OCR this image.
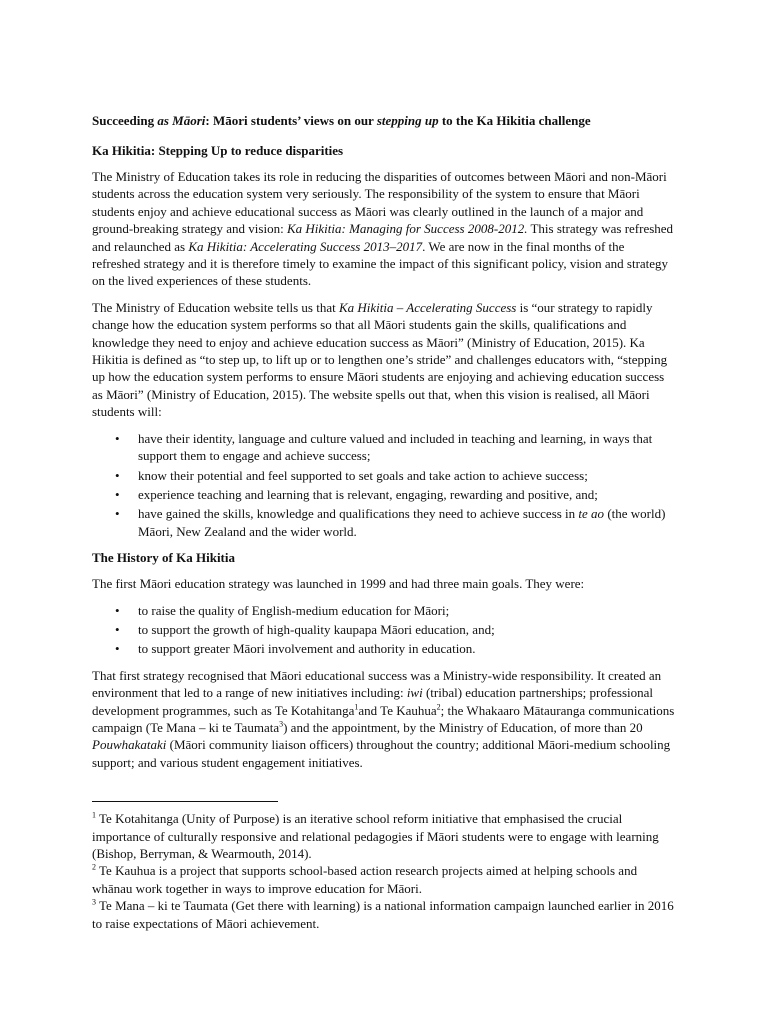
Succeeding as Māori: Māori students’ views on our stepping up to the Ka Hikitia challenge
Ka Hikitia: Stepping Up to reduce disparities

The Ministry of Education takes its role in reducing the disparities of outcomes between Māori and non-Māori students across the education system very seriously. The responsibility of the system to ensure that Māori students enjoy and achieve educational success as Māori was clearly outlined in the launch of a major and ground-breaking strategy and vision: Ka Hikitia: Managing for Success 2008-2012. This strategy was refreshed and relaunched as Ka Hikitia: Accelerating Success 2013–2017. We are now in the final months of the refreshed strategy and it is therefore timely to examine the impact of this significant policy, vision and strategy on the lived experiences of these students.

The Ministry of Education website tells us that Ka Hikitia – Accelerating Success is “our strategy to rapidly change how the education system performs so that all Māori students gain the skills, qualifications and knowledge they need to enjoy and achieve education success as Māori” (Ministry of Education, 2015). Ka Hikitia is defined as “to step up, to lift up or to lengthen one’s stride” and challenges educators with, “stepping up how the education system performs to ensure Māori students are enjoying and achieving education success as Māori” (Ministry of Education, 2015). The website spells out that, when this vision is realised, all Māori students will:

• have their identity, language and culture valued and included in teaching and learning, in ways that support them to engage and achieve success;
• know their potential and feel supported to set goals and take action to achieve success;
• experience teaching and learning that is relevant, engaging, rewarding and positive, and;
• have gained the skills, knowledge and qualifications they need to achieve success in te ao (the world) Māori, New Zealand and the wider world.
The History of Ka Hikitia

The first Māori education strategy was launched in 1999 and had three main goals. They were:

• to raise the quality of English-medium education for Māori;
• to support the growth of high-quality kaupapa Māori education, and;
• to support greater Māori involvement and authority in education.

That first strategy recognised that Māori educational success was a Ministry-wide responsibility. It created an environment that led to a range of new initiatives including: iwi (tribal) education partnerships; professional development programmes, such as Te Kotahitanga$^1$and Te Kauhua$^2$; the Whakaaro Mātauranga communications campaign (Te Mana – ki te Taumata$^3$) and the appointment, by the Ministry of Education, of more than 20 Pouwhakataki (Māori community liaison officers) throughout the country; additional Māori-medium schooling support; and various student engagement initiatives.

$^1$ Te Kotahitanga (Unity of Purpose) is an iterative school reform initiative that emphasised the crucial importance of culturally responsive and relational pedagogies if Māori students were to engage with learning (Bishop, Berryman, & Wearmouth, 2014).

$^2$ Te Kauhua is a project that supports school-based action research projects aimed at helping schools and whānau work together in ways to improve education for Māori.

$^3$ Te Mana – ki te Taumata (Get there with learning) is a national information campaign launched earlier in 2016 to raise expectations of Māori achievement.
